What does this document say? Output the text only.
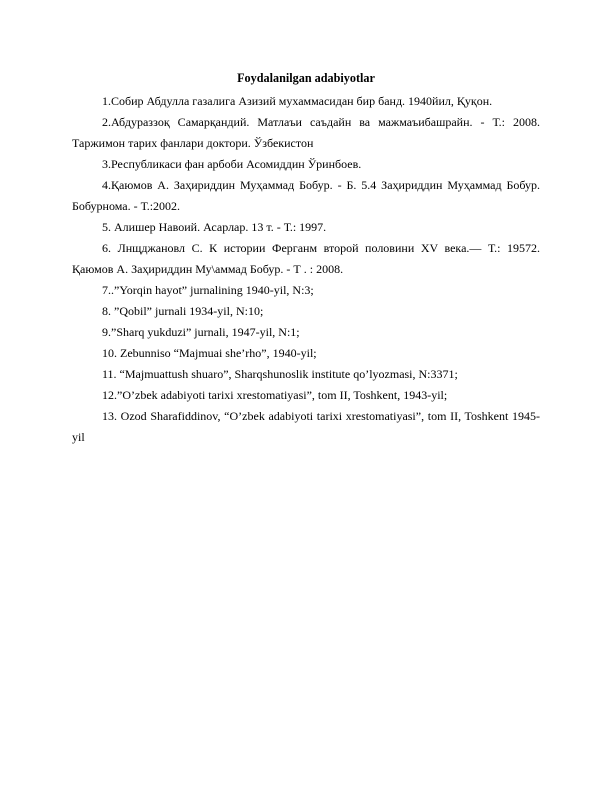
Foydalanilgan adabiyotlar

1.Собир Абдулла газалига Азизий мухаммасидан бир банд. 1940йил, Қуқон.

2.Абдураззоқ Самарқандий. Матлаъи саъдайн ва мажмаъибашрайн. - Т.: 2008. Таржимон тарих фанлари доктори. Ўзбекистон

3.Республикаси фан арбоби Асомиддин Ўринбоев.

4.Қаюмов А. Заҳириддин Муҳаммад Бобур. - Б. 5.4 Заҳириддин Муҳаммад Бобур. Бобурнома. - Т.:2002.

5. Алишер Навоий. Асарлар. 13 т. - Т.: 1997.

6. Лнщджановл С. К истории Ферганм второй половини XV века.— Т.: 19572. Қаюмов А. Заҳириддин Му\аммад Бобур. - Т . : 2008.

7..”Yorqin hayot” jurnalining 1940-yil, N:3;

8. ”Qobil” jurnali 1934-yil, N:10;

9.”Sharq yukduzi” jurnali, 1947-yil, N:1;

10. Zebunniso “Majmuai she’rho”, 1940-yil;

11. “Majmuattush shuaro”, Sharqshunoslik institute qo’lyozmasi, N:3371;

12.”O’zbek adabiyoti tarixi xrestomatiyasi”, tom II, Toshkent, 1943-yil;

13. Ozod Sharafiddinov, “O’zbek adabiyoti tarixi xrestomatiyasi”, tom II, Toshkent 1945-yil
